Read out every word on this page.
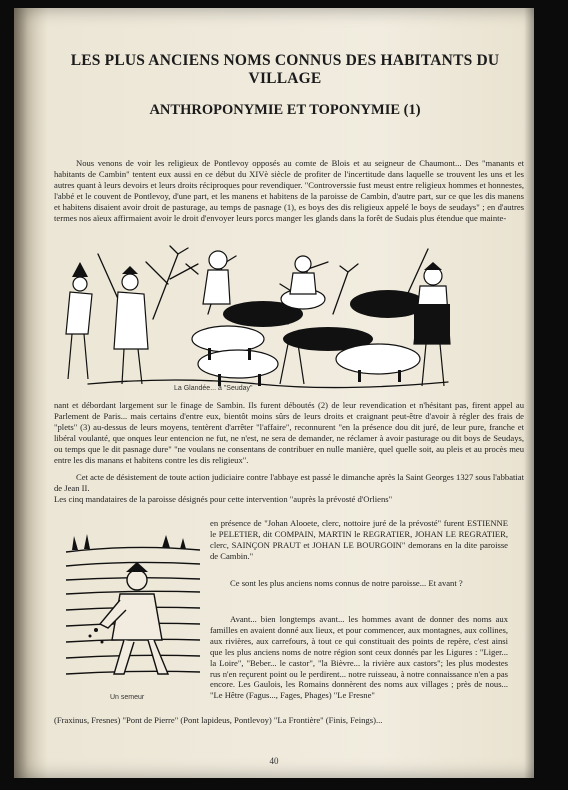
LES PLUS ANCIENS NOMS CONNUS DES HABITANTS DU VILLAGE
ANTHROPONYMIE ET TOPONYMIE (1)

Nous venons de voir les religieux de Pontlevoy opposés au comte de Blois et au seigneur de Chaumont... Des "manants et habitants de Cambin" tentent eux aussi en ce début du XIVè siècle de profiter de l'incertitude dans laquelle se trouvent les uns et les autres quant à leurs devoirs et leurs droits réciproques pour revendiquer. "Controverssie fust meust entre religieux hommes et honnestes, l'abbé et le couvent de Pontlevoy, d'une part, et les manens et habitens de la paroisse de Cambin, d'autre part, sur ce que les dis manens et habitens disaient avoir droit de pasturage, au temps de pasnage (1), es boys des dis religieux appelé le boys de seudays" ; en d'autres termes nos aïeux affirmaient avoir le droit d'envoyer leurs porcs manger les glands dans la forêt de Sudais plus étendue que mainte-

La Glandée... à "Seuday"

nant et débordant largement sur le finage de Sambin. Ils furent déboutés (2) de leur revendication et n'hésitant pas, firent appel au Parlement de Paris... mais certains d'entre eux, bientôt moins sûrs de leurs droits et craignant peut-être d'avoir à régler des frais de "plets" (3) au-dessus de leurs moyens, tentèrent d'arrêter "l'affaire", reconnurent "en la présence dou dit juré, de leur pure, franche et libéral voulanté, que onques leur entencion ne fut, ne n'est, ne sera de demander, ne réclamer à avoir pasturage ou dit boys de Seudays, ou temps que le dit pasnage dure" "ne voulans ne consentans de contribuer en nulle manière, quel quelle soit, au pleis et au procès meu entre les dis manans et habitens contre les dis religieux".

Cet acte de désistement de toute action judiciaire contre l'abbaye est passé le dimanche après la Saint Georges 1327 sous l'abbatiat de Jean II.

Les cinq mandataires de la paroisse désignés pour cette intervention "auprès la prévosté d'Orliens"

en présence de "Johan Alooete, clerc, nottoire juré de la prévosté" furent ESTIENNE le PELETIER, dit COMPAIN, MARTIN le REGRATIER, JOHAN LE REGRATIER, clerc, SAINÇON PRAUT et JOHAN LE BOURGOIN" demorans en la dite paroisse de Cambin."

Ce sont les plus anciens noms connus de notre paroisse... Et avant ?

Avant... bien longtemps avant... les hommes avant de donner des noms aux familles en avaient donné aux lieux, et pour commencer, aux montagnes, aux collines, aux rivières, aux carrefours, à tout ce qui constituait des points de repère, c'est ainsi que les plus anciens noms de notre région sont ceux donnés par les Ligures : "Liger... la Loire", "Beber... le castor", "la Bièvre... la rivière aux castors"; les plus modestes rus n'en reçurent point ou le perdirent... notre ruisseau, à notre connaissance n'en a pas encore. Les Gaulois, les Romains donnèrent des noms aux villages ; près de nous... "Le Hêtre (Fagus..., Fages, Phages) "Le Fresne"

Un semeur

(Fraxinus, Fresnes) "Pont de Pierre" (Pont lapideus, Pontlevoy) "La Frontière" (Finis, Feings)...

40
